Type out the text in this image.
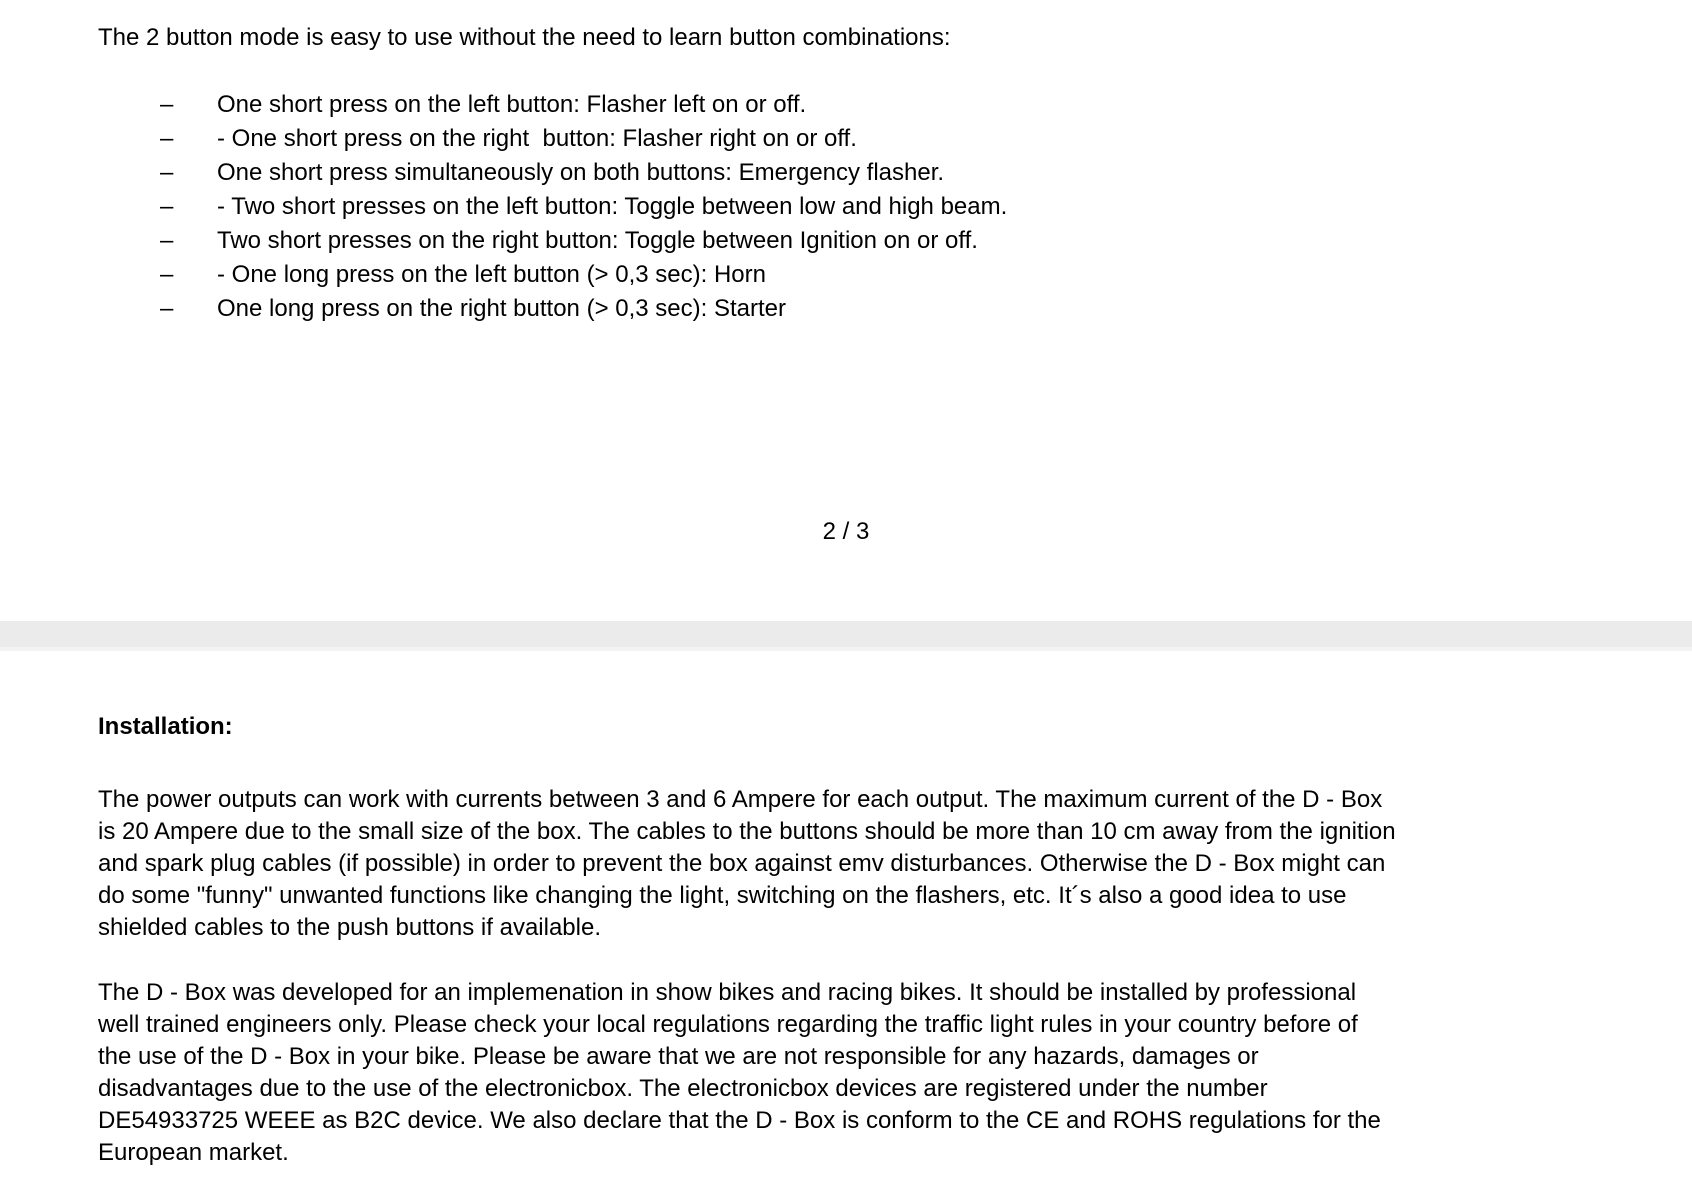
The 2 button mode is easy to use without the need to learn button combinations:
–	One short press on the left button: Flasher left on or off.
–	- One short press on the right  button: Flasher right on or off.
–	One short press simultaneously on both buttons: Emergency flasher.
–	- Two short presses on the left button: Toggle between low and high beam.
–	Two short presses on the right button: Toggle between Ignition on or off.
–	- One long press on the left button (> 0,3 sec): Horn
–	One long press on the right button (> 0,3 sec): Starter
2 / 3
Installation:
The power outputs can work with currents between 3 and 6 Ampere for each output. The maximum current of the D - Box
is 20 Ampere due to the small size of the box. The cables to the buttons should be more than 10 cm away from the ignition
and spark plug cables (if possible) in order to prevent the box against emv disturbances. Otherwise the D - Box might can
do some "funny" unwanted functions like changing the light, switching on the flashers, etc. It´s also a good idea to use
shielded cables to the push buttons if available.
The D - Box was developed for an implemenation in show bikes and racing bikes. It should be installed by professional
well trained engineers only. Please check your local regulations regarding the traffic light rules in your country before of
the use of the D - Box in your bike. Please be aware that we are not responsible for any hazards, damages or
disadvantages due to the use of the electronicbox. The electronicbox devices are registered under the number
DE54933725 WEEE as B2C device. We also declare that the D - Box is conform to the CE and ROHS regulations for the
European market.
